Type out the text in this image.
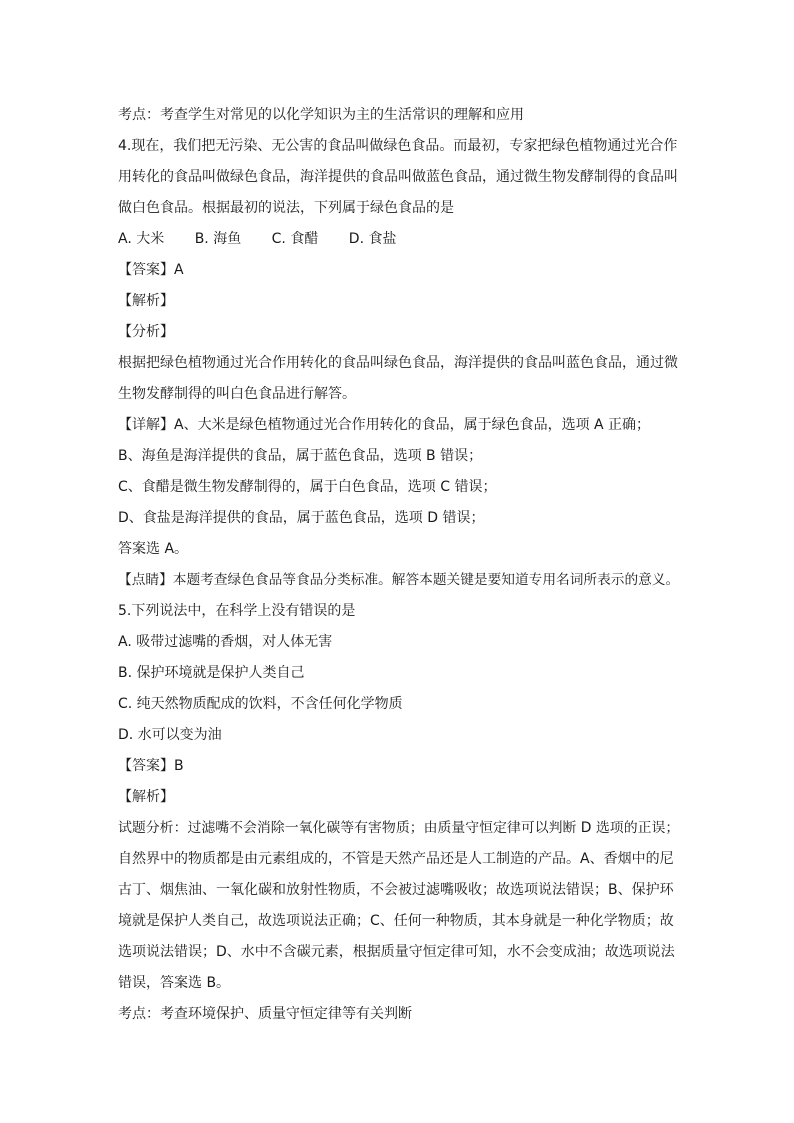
考点：考查学生对常见的以化学知识为主的生活常识的理解和应用
4.现在，我们把无污染、无公害的食品叫做绿色食品。而最初，专家把绿色植物通过光合作
用转化的食品叫做绿色食品，海洋提供的食品叫做蓝色食品，通过微生物发酵制得的食品叫
做白色食品。根据最初的说法，下列属于绿色食品的是
A. 大米 B. 海鱼 C. 食醋 D. 食盐
【答案】A
【解析】
【分析】
根据把绿色植物通过光合作用转化的食品叫绿色食品，海洋提供的食品叫蓝色食品，通过微
生物发酵制得的叫白色食品进行解答。
【详解】A、大米是绿色植物通过光合作用转化的食品，属于绿色食品，选项 A 正确；
B、海鱼是海洋提供的食品，属于蓝色食品，选项 B 错误；
C、食醋是微生物发酵制得的，属于白色食品，选项 C 错误；
D、食盐是海洋提供的食品，属于蓝色食品，选项 D 错误；
答案选 A。
【点睛】本题考查绿色食品等食品分类标准。解答本题关键是要知道专用名词所表示的意义。
5.下列说法中，在科学上没有错误的是
A. 吸带过滤嘴的香烟，对人体无害
B. 保护环境就是保护人类自己
C. 纯天然物质配成的饮料，不含任何化学物质
D. 水可以变为油
【答案】B
【解析】
试题分析：过滤嘴不会消除一氧化碳等有害物质；由质量守恒定律可以判断 D 选项的正误；
自然界中的物质都是由元素组成的，不管是天然产品还是人工制造的产品。A、香烟中的尼
古丁、烟焦油、一氧化碳和放射性物质，不会被过滤嘴吸收；故选项说法错误；B、保护环
境就是保护人类自己，故选项说法正确；C、任何一种物质，其本身就是一种化学物质；故
选项说法错误；D、水中不含碳元素，根据质量守恒定律可知，水不会变成油；故选项说法
错误，答案选 B。
考点：考查环境保护、质量守恒定律等有关判断
